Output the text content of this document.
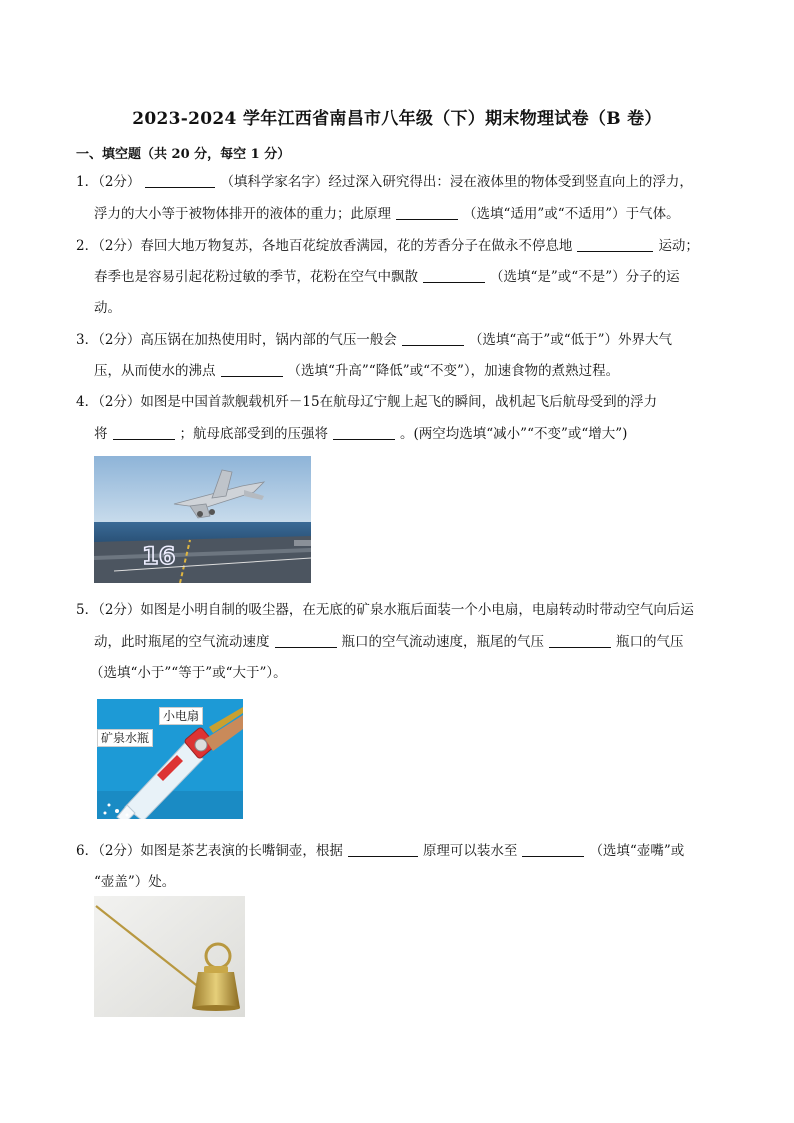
2023-2024 学年江西省南昌市八年级（下）期末物理试卷（B 卷）
一、填空题（共 20 分，每空 1 分）
1．（2分）	（填科学家名字）经过深入研究得出：浸在液体里的物体受到竖直向上的浮力，
浮力的大小等于被物体排开的液体的重力；此原理	（选填“适用”或“不适用”）于气体。
2．（2分）春回大地万物复苏，各地百花绽放香满园，花的芳香分子在做永不停息地	运动；
春季也是容易引起花粉过敏的季节，花粉在空气中飘散	（选填“是”或“不是”）分子的运
动。
3．（2分）高压锅在加热使用时，锅内部的气压一般会	（选填“高于”或“低于”）外界大气
压，从而使水的沸点	（选填“升高”“降低”或“不变”），加速食物的煮熟过程。
4．（2分）如图是中国首款舰载机歼－15在航母辽宁舰上起飞的瞬间，战机起飞后航母受到的浮力
将	；航母底部受到的压强将	。(两空均选填“减小”“不变”或“增大”)
16
5．（2分）如图是小明自制的吸尘器，在无底的矿泉水瓶后面装一个小电扇，电扇转动时带动空气向后运
动，此时瓶尾的空气流动速度	瓶口的空气流动速度，瓶尾的气压	瓶口的气压
（选填“小于”“等于”或“大于”）。
小电扇
矿泉水瓶
6．（2分）如图是茶艺表演的长嘴铜壶，根据	原理可以装水至	（选填“壶嘴”或
“壶盖”）处。
